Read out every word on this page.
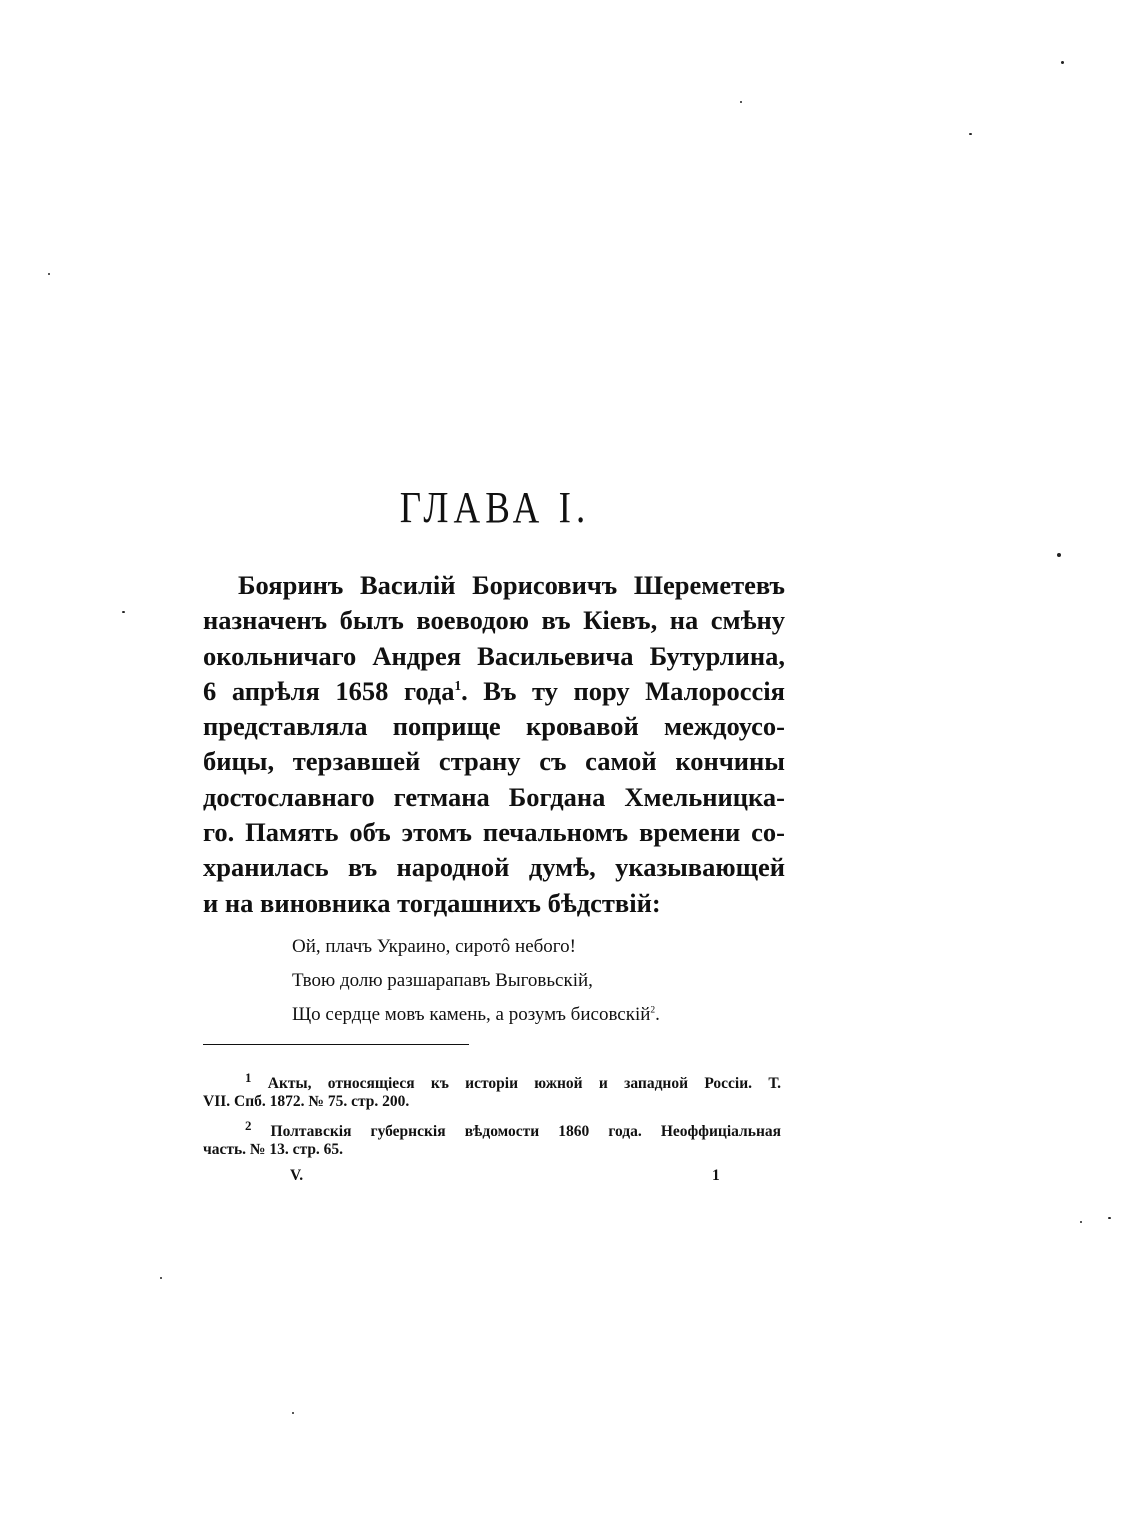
ГЛАВА I.
Бояринъ Василій Борисовичъ Шереметевъ
назначенъ былъ воеводою въ Кіевъ, на смѣну
окольничаго Андрея Васильевича Бутурлина,
6 апрѣля 1658 года$^1$. Въ ту пору Малороссія
представляла поприще кровавой междоусо-
бицы, терзавшей страну съ самой кончины
достославнаго гетмана Богдана Хмельницка-
го. Память объ этомъ печальномъ времени со-
хранилась въ народной думѣ, указывающей
и на виновника тогдашнихъ бѣдствій:
Ой, плачъ Украино, сиротô небого!
Твою долю разшарапавъ Выговьскій,
Що сердце мовъ камень, а розумъ бисовскій$^2$.
$^1$ Акты, относящіеся къ исторіи южной и западной Россіи. Т.
VII. Спб. 1872. № 75. стр. 200.
$^2$ Полтавскія губернскія вѣдомости 1860 года. Неоффиціальная
часть. № 13. стр. 65.
V.	1
